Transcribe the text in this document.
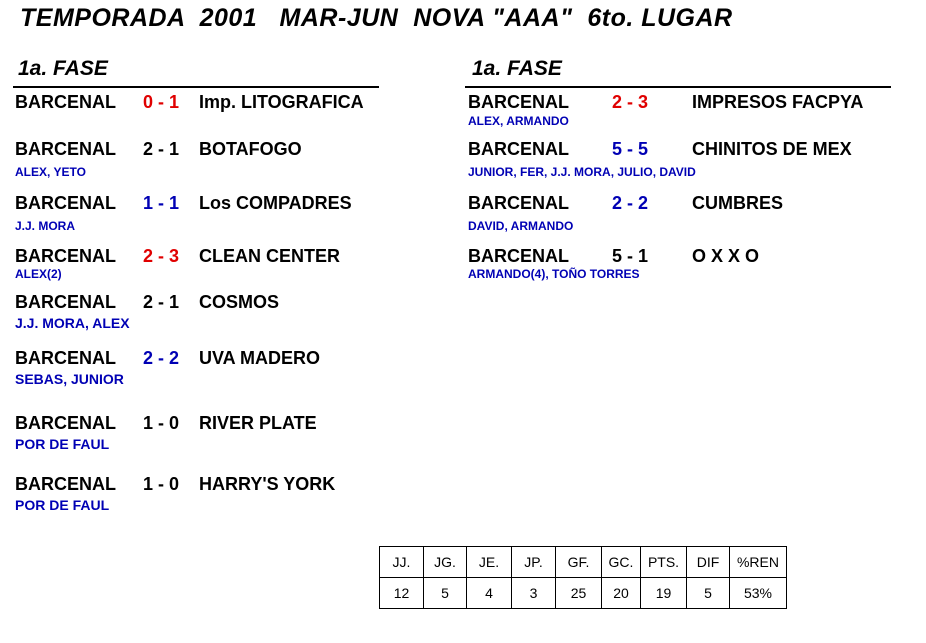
TEMPORADA  2001   MAR-JUN  NOVA "AAA"  6to. LUGAR
1a. FASE
BARCENAL 0 - 1 Imp. LITOGRAFICA
BARCENAL 2 - 1 BOTAFOGO
ALEX, YETO
BARCENAL 1 - 1 Los COMPADRES
J.J. MORA
BARCENAL 2 - 3 CLEAN CENTER
ALEX(2)
BARCENAL 2 - 1 COSMOS
J.J. MORA, ALEX
BARCENAL 2 - 2 UVA MADERO
SEBAS, JUNIOR
BARCENAL 1 - 0 RIVER PLATE
POR DE FAUL
BARCENAL 1 - 0 HARRY'S YORK
POR DE FAUL
1a. FASE
BARCENAL 2 - 3 IMPRESOS FACPYA
ALEX, ARMANDO
BARCENAL 5 - 5 CHINITOS DE MEX
JUNIOR, FER, J.J. MORA, JULIO, DAVID
BARCENAL 2 - 2 CUMBRES
DAVID, ARMANDO
BARCENAL 5 - 1 O X X O
ARMANDO(4), TOÑO TORRES
JJ.	JG.	JE.	JP.	GF.	GC.	PTS.	DIF	%REN
12	5	4	3	25	20	19	5	53%
